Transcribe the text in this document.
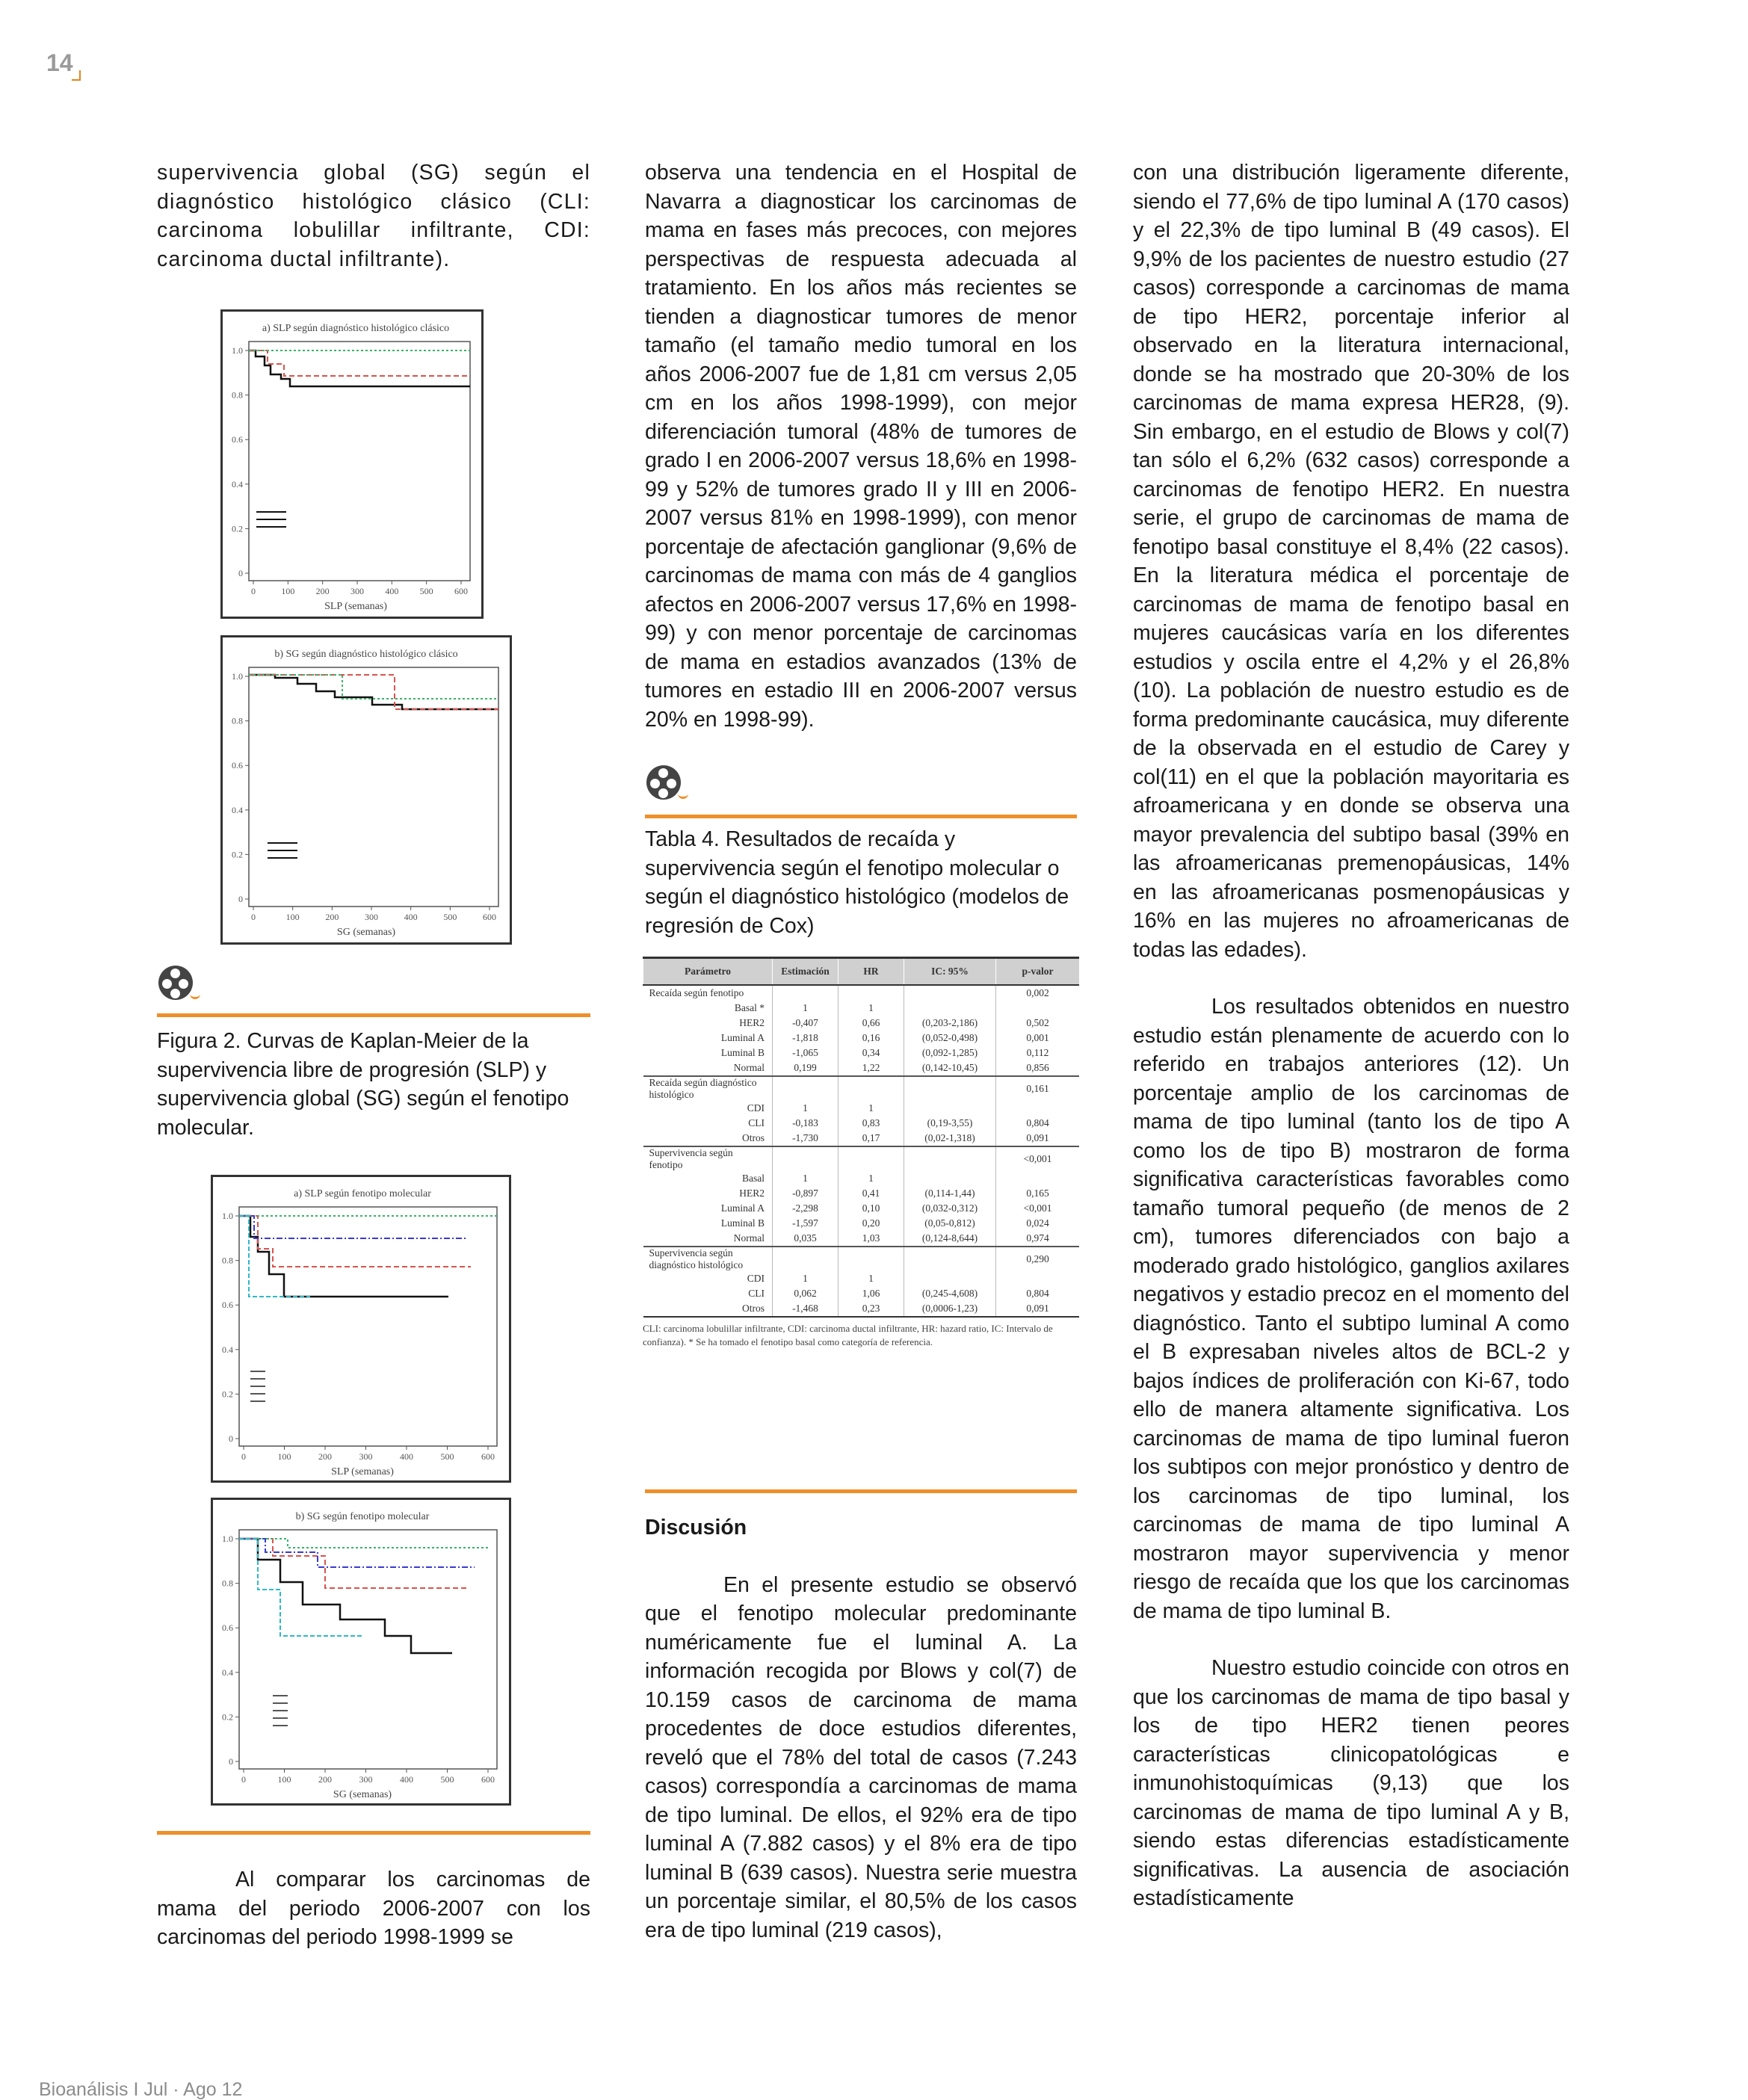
14

supervivencia global (SG) según el diagnóstico histológico clásico (CLI: carcinoma lobulillar infiltrante, CDI: carcinoma ductal infiltrante).

a) SLP según diagnóstico histológico clásico
0
0.2
0.4
0.6
0.8
1.0
0	100 200 300 400 500 600
SLP (semanas)
b) SG según diagnóstico histológico clásico
0
0.2
0.4
0.6
0.8
1.0
0	100	200	300	400	500	600
SG (semanas)

Figura 2. Curvas de Kaplan-Meier de la supervivencia libre de progresión (SLP) y supervivencia global (SG) según el fenotipo molecular.

a) SLP según fenotipo molecular
0
0.2
0.4
0.6
0.8
1.0
0	100	200	300	400	500	600
SLP (semanas)
b) SG según fenotipo molecular
0
0.2
0.4
0.6
0.8
1.0
0	100	200	300	400	500	600
SG (semanas)

Al comparar los carcinomas de mama del periodo 2006-2007 con los carcinomas del periodo 1998-1999 se

observa una tendencia en el Hospital de Navarra a diagnosticar los carcinomas de mama en fases más precoces, con mejores perspectivas de respuesta adecuada al tratamiento. En los años más recientes se tienden a diagnosticar tumores de menor tamaño (el tamaño medio tumoral en los años 2006-2007 fue de 1,81 cm versus 2,05 cm en los años 1998-1999), con mejor diferenciación tumoral (48% de tumores de grado I en 2006-2007 versus 18,6% en 1998-99 y 52% de tumores grado II y III en 2006-2007 versus 81% en 1998-1999), con menor porcentaje de afectación ganglionar (9,6% de carcinomas de mama con más de 4 ganglios afectos en 2006-2007 versus 17,6% en 1998-99) y con menor porcentaje de carcinomas de mama en estadios avanzados (13% de tumores en estadio III en 2006-2007 versus 20% en 1998-99).

Tabla 4. Resultados de recaída y supervivencia según el fenotipo molecular o según el diagnóstico histológico (modelos de regresión de Cox)

Parámetro	Estimación	HR	IC: 95%	p-valor
Recaída según fenotipo				0,002
Basal *	1	1		
HER2	-0,407	0,66	(0,203-2,186)	0,502
Luminal A	-1,818	0,16	(0,052-0,498)	0,001
Luminal B	-1,065	0,34	(0,092-1,285)	0,112
Normal	0,199	1,22	(0,142-10,45)	0,856
Recaída según diagnóstico histológico				0,161
CDI	1	1		
CLI	-0,183	0,83	(0,19-3,55)	0,804
Otros	-1,730	0,17	(0,02-1,318)	0,091
Supervivencia según fenotipo				<0,001
Basal	1	1		
HER2	-0,897	0,41	(0,114-1,44)	0,165
Luminal A	-2,298	0,10	(0,032-0,312)	<0,001
Luminal B	-1,597	0,20	(0,05-0,812)	0,024
Normal	0,035	1,03	(0,124-8,644)	0,974
Supervivencia según diagnóstico histológico				0,290
CDI	1	1		
CLI	0,062	1,06	(0,245-4,608)	0,804
Otros	-1,468	0,23	(0,0006-1,23)	0,091
CLI: carcinoma lobulillar infiltrante, CDI: carcinoma ductal infiltrante, HR: hazard ratio, IC: Intervalo de confianza). * Se ha tomado el fenotipo basal como categoría de referencia.

Discusión

En el presente estudio se observó que el fenotipo molecular predominante numéricamente fue el luminal A. La información recogida por Blows y col(7) de 10.159 casos de carcinoma de mama procedentes de doce estudios diferentes, reveló que el 78% del total de casos (7.243 casos) correspondía a carcinomas de mama de tipo luminal. De ellos, el 92% era de tipo luminal A (7.882 casos) y el 8% era de tipo luminal B (639 casos). Nuestra serie muestra un porcentaje similar, el 80,5% de los casos era de tipo luminal (219 casos),

con una distribución ligeramente diferente, siendo el 77,6% de tipo luminal A (170 casos) y el 22,3% de tipo luminal B (49 casos). El 9,9% de los pacientes de nuestro estudio (27 casos) corresponde a carcinomas de mama de tipo HER2, porcentaje inferior al observado en la literatura internacional, donde se ha mostrado que 20-30% de los carcinomas de mama expresa HER28, (9). Sin embargo, en el estudio de Blows y col(7) tan sólo el 6,2% (632 casos) corresponde a carcinomas de fenotipo HER2. En nuestra serie, el grupo de carcinomas de mama de fenotipo basal constituye el 8,4% (22 casos). En la literatura médica el porcentaje de carcinomas de mama de fenotipo basal en mujeres caucásicas varía en los diferentes estudios y oscila entre el 4,2% y el 26,8%(10). La población de nuestro estudio es de forma predominante caucásica, muy diferente de la observada en el estudio de Carey y col(11) en el que la población mayoritaria es afroamericana y en donde se observa una mayor prevalencia del subtipo basal (39% en las afroamericanas premenopáusicas, 14% en las afroamericanas posmenopáusicas y 16% en las mujeres no afroamericanas de todas las edades).

Los resultados obtenidos en nuestro estudio están plenamente de acuerdo con lo referido en trabajos anteriores (12). Un porcentaje amplio de los carcinomas de mama de tipo luminal (tanto los de tipo A como los de tipo B) mostraron de forma significativa características favorables como tamaño tumoral pequeño (de menos de 2 cm), tumores diferenciados con bajo a moderado grado histológico, ganglios axilares negativos y estadio precoz en el momento del diagnóstico. Tanto el subtipo luminal A como el B expresaban niveles altos de BCL-2 y bajos índices de proliferación con Ki-67, todo ello de manera altamente significativa. Los carcinomas de mama de tipo luminal fueron los subtipos con mejor pronóstico y dentro de los carcinomas de tipo luminal, los carcinomas de mama de tipo luminal A mostraron mayor supervivencia y menor riesgo de recaída que los que los carcinomas de mama de tipo luminal B.

Nuestro estudio coincide con otros en que los carcinomas de mama de tipo basal y los de tipo HER2 tienen peores características clinicopatológicas e inmunohistoquímicas (9,13) que los carcinomas de mama de tipo luminal A y B, siendo estas diferencias estadísticamente significativas. La ausencia de asociación estadísticamente

Bioanálisis I Jul · Ago 12
